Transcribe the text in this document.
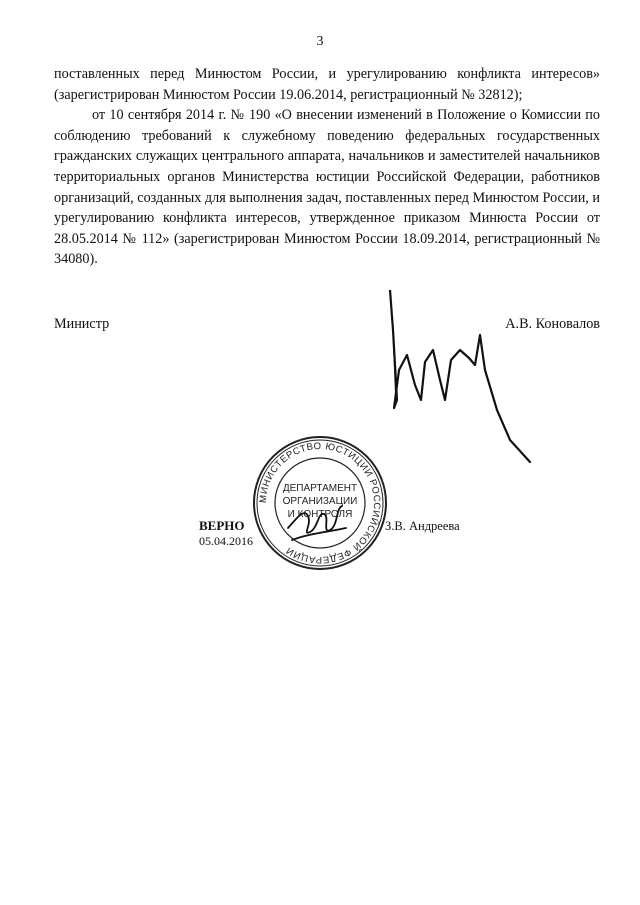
3

поставленных перед Минюстом России, и урегулированию конфликта интересов» (зарегистрирован Минюстом России 19.06.2014, регистрационный № 32812);

от 10 сентября 2014 г. № 190 «О внесении изменений в Положение о Комиссии по соблюдению требований к служебному поведению федеральных государственных гражданских служащих центрального аппарата, начальников и заместителей начальников территориальных органов Министерства юстиции Российской Федерации, работников организаций, созданных для выполнения задач, поставленных перед Минюстом России, и урегулированию конфликта интересов, утвержденное приказом Минюста России от 28.05.2014 № 112» (зарегистрирован Минюстом России 18.09.2014, регистрационный № 34080).

Министр	А.В. Коновалов
МИНИСТЕРСТВО ЮСТИЦИИ РОССИЙСКОЙ ФЕДЕРАЦИИ
ДЕПАРТАМЕНТ
ОРГАНИЗАЦИИ
И КОНТРОЛЯ
ВЕРНО
05.04.2016
З.В. Андреева
